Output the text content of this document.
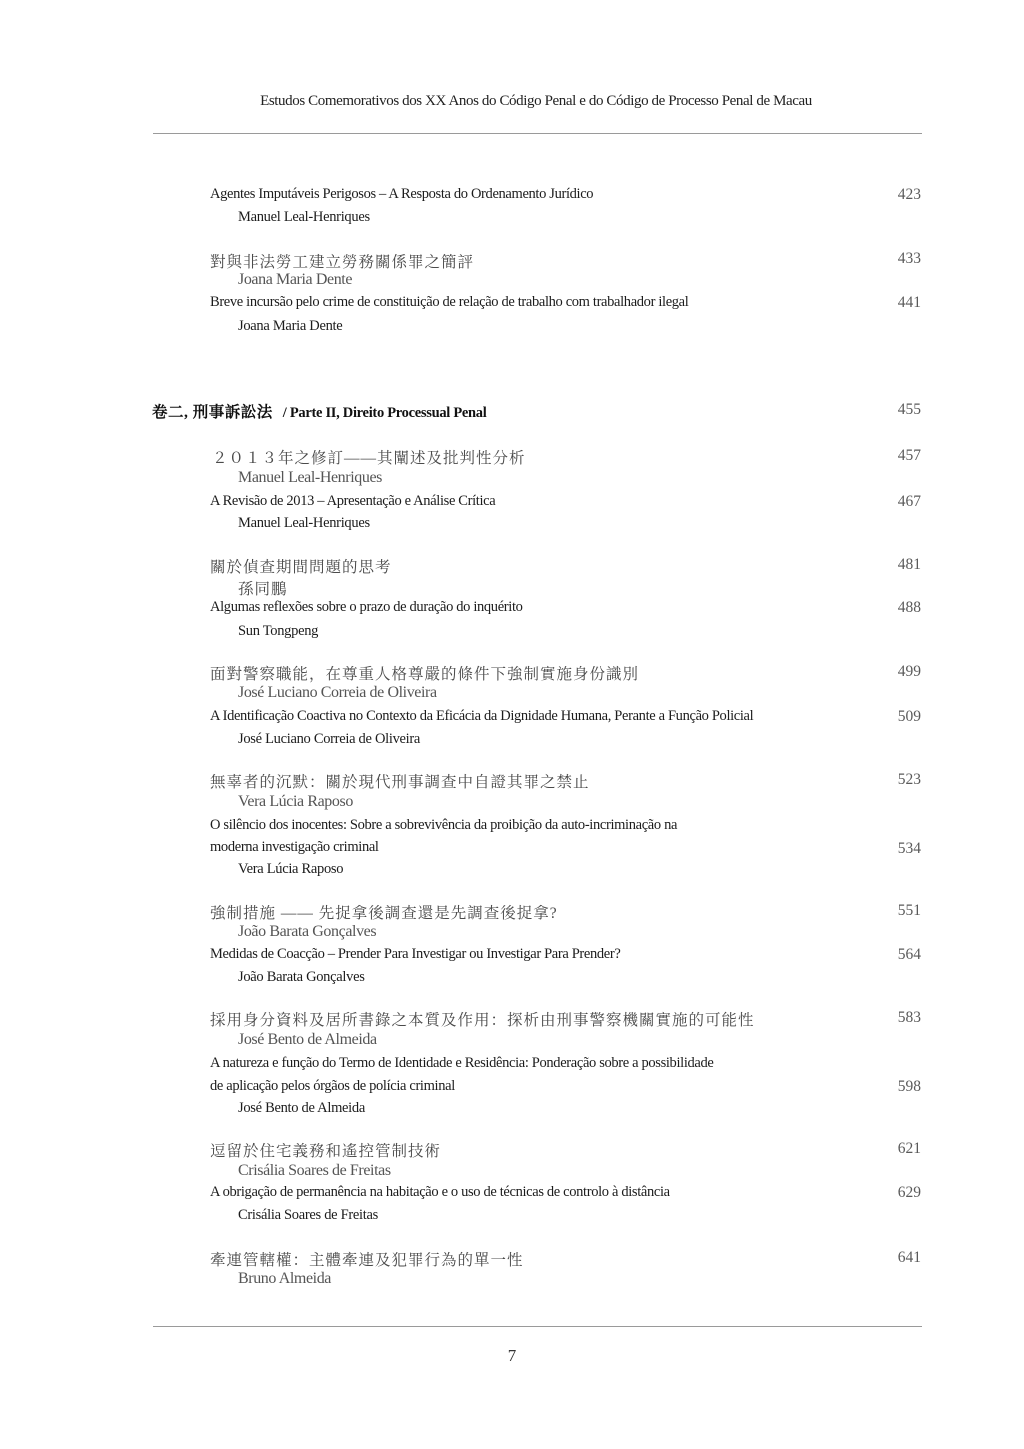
Estudos Comemorativos dos XX Anos do Código Penal e do Código de Processo Penal de Macau
Agentes Imputáveis Perigosos – A Resposta do Ordenamento Jurídico	423
Manuel Leal-Henriques
對與非法勞工建立勞務關係罪之簡評	433
Joana Maria Dente
Breve incursão pelo crime de constituição de relação de trabalho com trabalhador ilegal	441
Joana Maria Dente
卷二, 刑事訴訟法 / Parte II, Direito Processual Penal	455
２０１３年之修訂——其闡述及批判性分析	457
Manuel Leal-Henriques
A Revisão de 2013 – Apresentação e Análise Crítica	467
Manuel Leal-Henriques
關於偵查期間問題的思考	481
孫同鵬
Algumas reflexões sobre o prazo de duração do inquérito	488
Sun Tongpeng
面對警察職能，在尊重人格尊嚴的條件下強制實施身份識別	499
José Luciano Correia de Oliveira
A Identificação Coactiva no Contexto da Eficácia da Dignidade Humana, Perante a Função Policial	509
José Luciano Correia de Oliveira
無辜者的沉默：關於現代刑事調查中自證其罪之禁止	523
Vera Lúcia Raposo
O silêncio dos inocentes: Sobre a sobrevivência da proibição da auto-incriminação na
moderna investigação criminal	534
Vera Lúcia Raposo
強制措施 —— 先捉拿後調查還是先調查後捉拿?	551
João Barata Gonçalves
Medidas de Coacção – Prender Para Investigar ou Investigar Para Prender?	564
João Barata Gonçalves
採用身分資料及居所書錄之本質及作用：探析由刑事警察機關實施的可能性	583
José Bento de Almeida
A natureza e função do Termo de Identidade e Residência: Ponderação sobre a possibilidade
de aplicação pelos órgãos de polícia criminal	598
José Bento de Almeida
逗留於住宅義務和遙控管制技術	621
Crisália Soares de Freitas
A obrigação de permanência na habitação e o uso de técnicas de controlo à distância	629
Crisália Soares de Freitas
牽連管轄權：主體牽連及犯罪行為的單一性	641
Bruno Almeida
7
